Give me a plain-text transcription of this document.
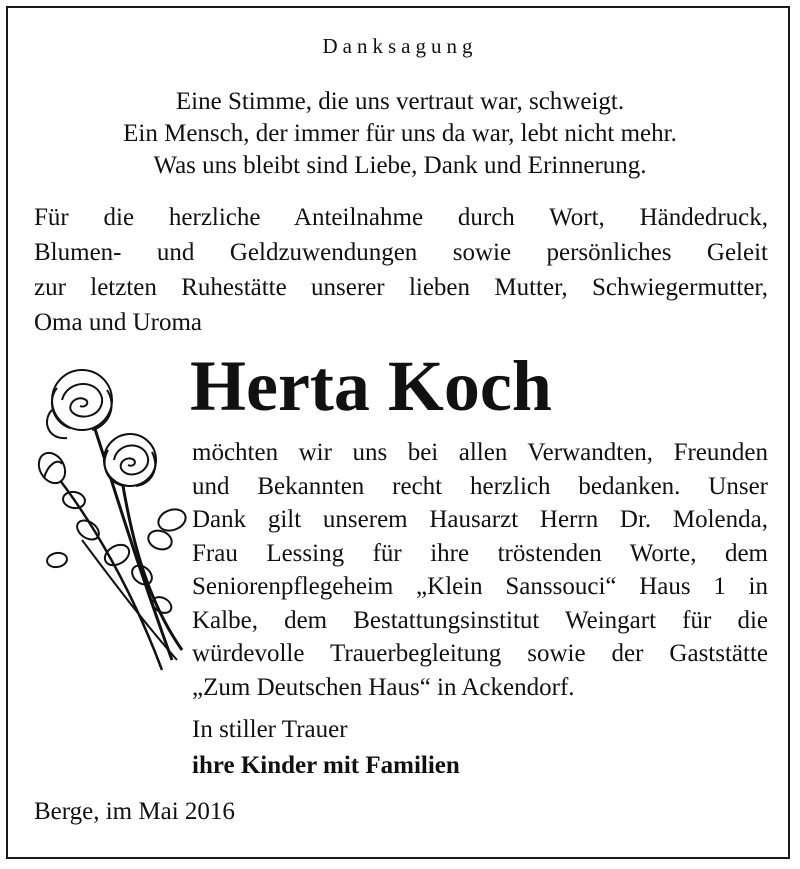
Danksagung
Eine Stimme, die uns vertraut war, schweigt.
Ein Mensch, der immer für uns da war, lebt nicht mehr.
Was uns bleibt sind Liebe, Dank und Erinnerung.
Für die herzliche Anteilnahme durch Wort, Händedruck,
Blumen- und Geldzuwendungen sowie persönliches Geleit
zur letzten Ruhestätte unserer lieben Mutter, Schwiegermutter,
Oma und Uroma
Herta Koch
möchten wir uns bei allen Verwandten, Freunden
und Bekannten recht herzlich bedanken. Unser
Dank gilt unserem Hausarzt Herrn Dr. Molenda,
Frau Lessing für ihre tröstenden Worte, dem
Seniorenpflegeheim „Klein Sanssouci“ Haus 1 in
Kalbe, dem Bestattungsinstitut Weingart für die
würdevolle Trauerbegleitung sowie der Gaststätte
„Zum Deutschen Haus“ in Ackendorf.
In stiller Trauer
ihre Kinder mit Familien
Berge, im Mai 2016
